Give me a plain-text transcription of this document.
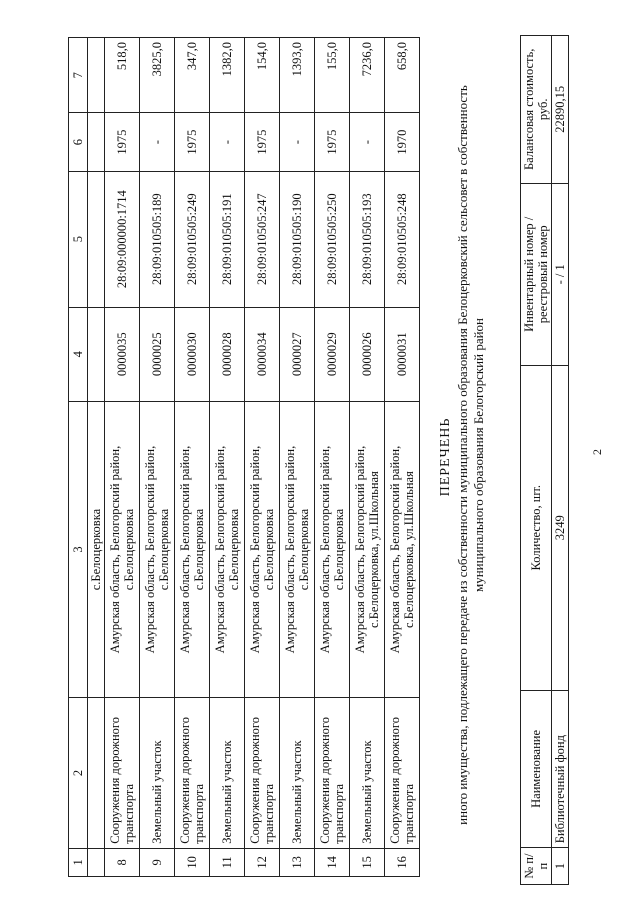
2
1	2	3	4	5	6	7
		с.Белоцерковка				
8	Сооружения дорожного транспорта	Амурская область, Белогорский район, с.Белоцерковка	0000035	28:09:000000:1714	1975	518,0
9	Земельный участок	Амурская область, Белогорский район, с.Белоцерковка	0000025	28:09:010505:189	-	3825,0
10	Сооружения дорожного транспорта	Амурская область, Белогорский район, с.Белоцерковка	0000030	28:09:010505:249	1975	347,0
11	Земельный участок	Амурская область, Белогорский район, с.Белоцерковка	0000028	28:09:010505:191	-	1382,0
12	Сооружения дорожного транспорта	Амурская область, Белогорский район, с.Белоцерковка	0000034	28:09:010505:247	1975	154,0
13	Земельный участок	Амурская область, Белогорский район, с.Белоцерковка	0000027	28:09:010505:190	-	1393,0
14	Сооружения дорожного транспорта	Амурская область, Белогорский район, с.Белоцерковка	0000029	28:09:010505:250	1975	155,0
15	Земельный участок	Амурская область, Белогорский район, с.Белоцерковка, ул.Школьная	0000026	28:09:010505:193	-	7236,0
16	Сооружения дорожного транспорта	Амурская область, Белогорский район, с.Белоцерковка, ул.Школьная	0000031	28:09:010505:248	1970	658,0
ПЕРЕЧЕНЬ иного имущества, подлежащего передаче из собственности муниципального образования Белоцерковский сельсовет в собственность муниципального образования Белогорский район
№ п/п	Наименование	Количество, шт.	Инвентарный номер / реестровый номер	Балансовая стоимость, руб.
1	Библиотечный фонд	3249	- / 1	22890,15
